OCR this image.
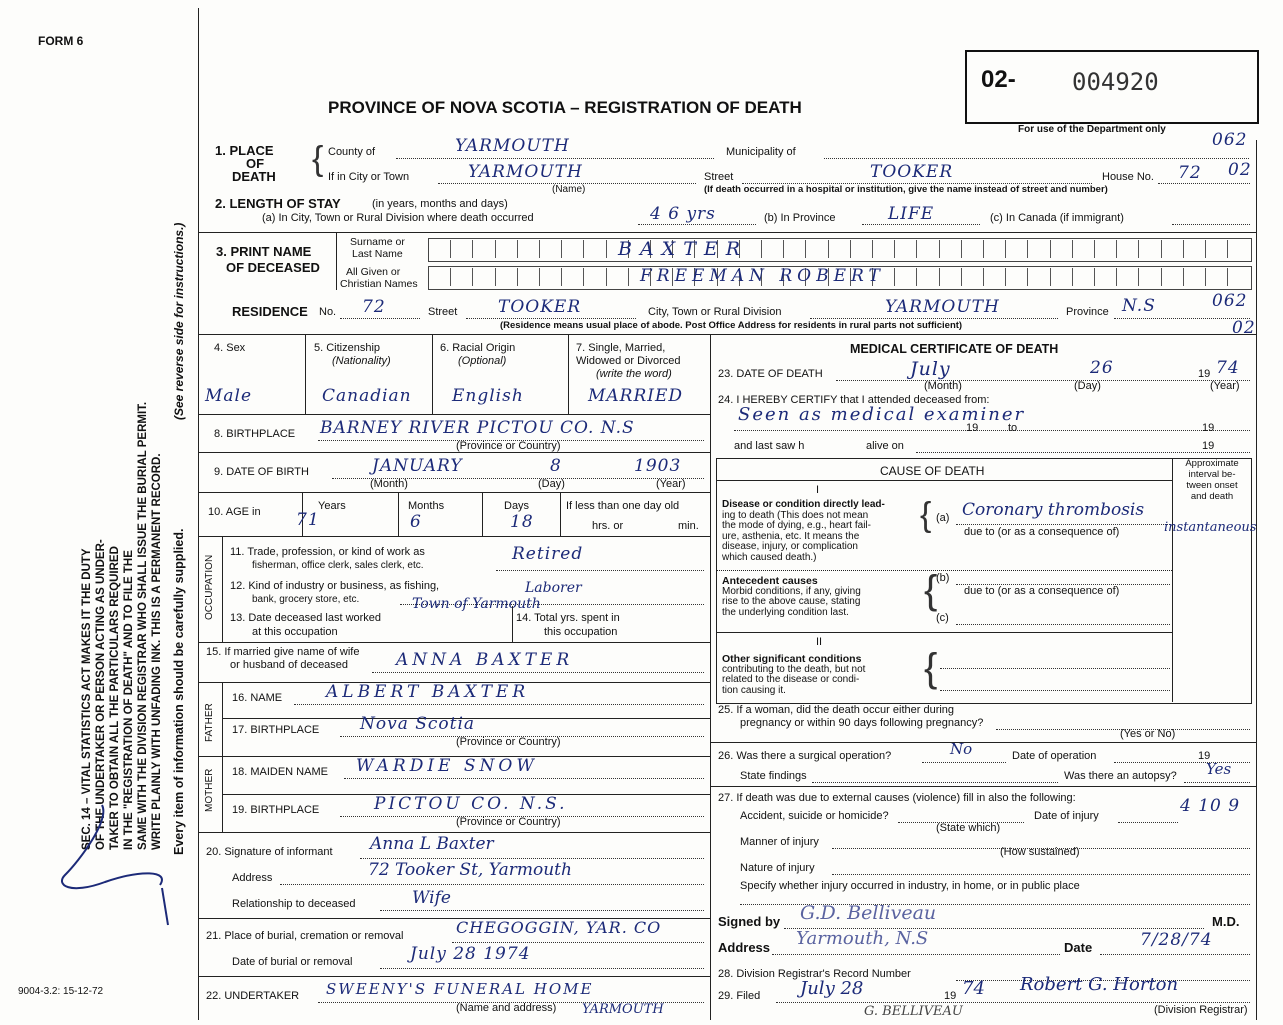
FORM 6
PROVINCE OF NOVA SCOTIA – REGISTRATION OF DEATH
02- 004920
For use of the Department only
062
SEC. 14 – VITAL STATISTICS ACT MAKES IT THE DUTY OF THE UNDERTAKER OR PERSON ACTING AS UNDER- TAKER TO OBTAIN ALL THE PARTICULARS REQUIRED IN THE "REGISTRATION OF DEATH" AND TO FILE THE SAME WITH THE DIVISION REGISTRAR WHO SHALL ISSUE THE BURIAL PERMIT. WRITE PLAINLY WITH UNFADING INK. THIS IS A PERMANENT RECORD.
(See reverse side for instructions.)
Every item of information should be carefully supplied.
9004-3.2: 15-12-72
1. PLACE
OF
DEATH { County of	YARMOUTH	Municipality of
If in City or Town	YARMOUTH
(Name)
Street	TOOKER	House No. 72 02
(If death occurred in a hospital or institution, give the name instead of street and number)
2. LENGTH OF STAY	(in years, months and days)
(a) In City, Town or Rural Division where death occurred	4 6 yrs	(b) In Province	LIFE	(c) In Canada (if immigrant)
3. PRINT NAME
OF DECEASED
Surname or
Last Name
All Given or
Christian Names
BAXTER
FREEMAN ROBERT
RESIDENCE No. 72	Street TOOKER	City, Town or Rural Division	YARMOUTH	Province N.S	062
02
(Residence means usual place of abode. Post Office Address for residents in rural parts not sufficient)
4. Sex
Male
5. Citizenship
(Nationality)
Canadian
6. Racial Origin
(Optional)
English
7. Single, Married,
Widowed or Divorced
(write the word)
MARRIED
8. BIRTHPLACE BARNEY RIVER PICTOU CO. N.S
(Province or Country)
9. DATE OF BIRTH	JANUARY	8	1903
(Month)	(Day)	(Year)
10. AGE in	Years
71
Months
6
Days
18
If less than one day old
hrs. or	min.
OCCUPATION
11. Trade, profession, or kind of work as
fisherman, office clerk, sales clerk, etc.
Retired
12. Kind of industry or business, as fishing,
bank, grocery store, etc.
Laborer
13. Date deceased last worked
at this occupation
Town of Yarmouth
14. Total yrs. spent in
this occupation
15. If married give name of wife
or husband of deceased	ANNA BAXTER
FATHER
16. NAME	ALBERT BAXTER
17. BIRTHPLACE Nova Scotia
(Province or Country)
MOTHER 18. MAIDEN NAME WARDIE SNOW
19. BIRTHPLACE	PICTOU CO. N.S.
(Province or Country)
20. Signature of informant Anna L Baxter
Address	72 Tooker St, Yarmouth
Relationship to deceased	Wife
21. Place of burial, cremation or removal	CHEGOGGIN, YAR. CO
Date of burial or removal	July 28 1974
22. UNDERTAKER SWEENY'S FUNERAL HOME
(Name and address) YARMOUTH
MEDICAL CERTIFICATE OF DEATH
23. DATE OF DEATH	July	26	19 74
(Month)	(Day)	(Year)
24. I HEREBY CERTIFY that I attended deceased from:
Seen as medical examiner
19	to	19
and last saw h	alive on	19
CAUSE OF DEATH
Approximate
interval be-
tween onset
and death
I
Disease or condition directly lead-
ing to death (This does not mean
the mode of dying, e.g., heart fail-
ure, asthenia, etc. It means the
disease, injury, or complication
which caused death.)
{ (a) Coronary thrombosis
instantaneous
due to (or as a consequence of)
Antecedent causes
Morbid conditions, if any, giving
rise to the above cause, stating
the underlying condition last.	{
(b)
due to (or as a consequence of)
(c)
II
Other significant conditions
contributing to the death, but not
related to the disease or condi-
tion causing it.	{
25. If a woman, did the death occur either during
pregnancy or within 90 days following pregnancy?
(Yes or No)
26. Was there a surgical operation?	No	Date of operation	19
State findings	Was there an autopsy? Yes
27. If death was due to external causes (violence) fill in also the following:	4 10 9
Accident, suicide or homicide?
(State which)
Date of injury
Manner of injury
(How sustained)
Nature of injury
Specify whether injury occurred in industry, in home, or in public place
Signed by G.D. Belliveau	M.D.
Address Yarmouth, N.S	Date	7/28/74
28. Division Registrar's Record Number
29. Filed July 28	19 74 Robert G. Horton
(Division Registrar)
G. BELLIVEAU
